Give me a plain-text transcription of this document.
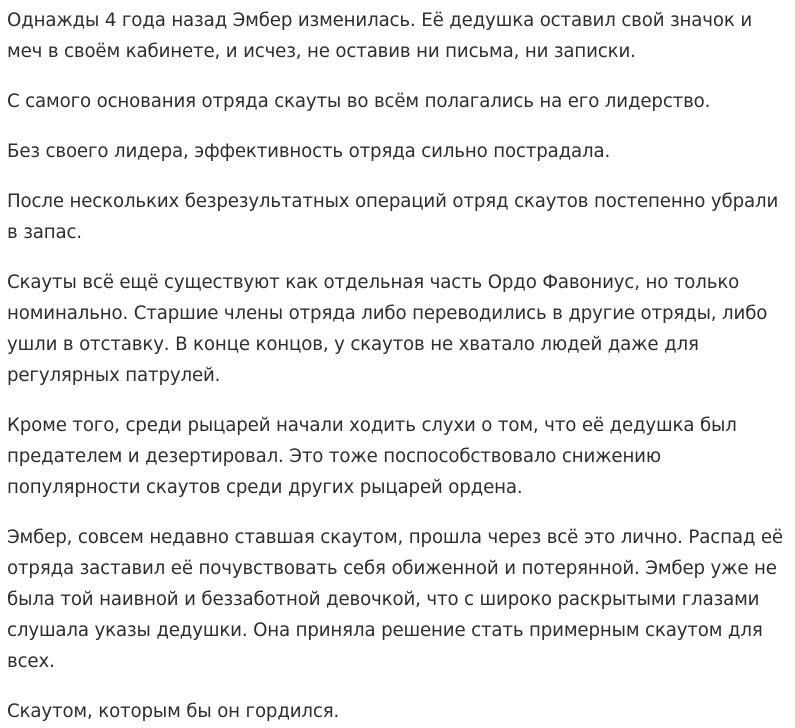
Однажды 4 года назад Эмбер изменилась. Её дедушка оставил свой значок и меч в своём кабинете, и исчез, не оставив ни письма, ни записки.

С самого основания отряда скауты во всём полагались на его лидерство.

Без своего лидера, эффективность отряда сильно пострадала.

После нескольких безрезультатных операций отряд скаутов постепенно убрали в запас.

Скауты всё ещё существуют как отдельная часть Ордо Фавониус, но только номинально. Старшие члены отряда либо переводились в другие отряды, либо ушли в отставку. В конце концов, у скаутов не хватало людей даже для регулярных патрулей.

Кроме того, среди рыцарей начали ходить слухи о том, что её дедушка был предателем и дезертировал. Это тоже поспособствовало снижению популярности скаутов среди других рыцарей ордена.

Эмбер, совсем недавно ставшая скаутом, прошла через всё это лично. Распад её отряда заставил её почувствовать себя обиженной и потерянной. Эмбер уже не была той наивной и беззаботной девочкой, что с широко раскрытыми глазами слушала указы дедушки. Она приняла решение стать примерным скаутом для всех.

Скаутом, которым бы он гордился.
